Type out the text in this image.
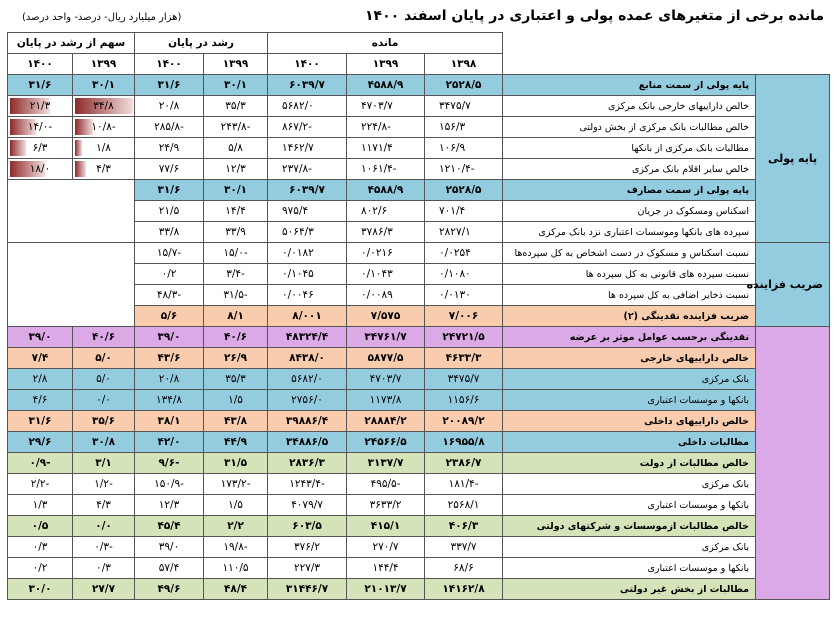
مانده برخی از متغیرهای عمده پولی و اعتباری در پایان اسفند ۱۴۰۰
(هزار میلیارد ریال- درصد- واحد درصد)
		مانده			رشد در پایان		سهم از رشد در پایان	
		۱۳۹۸	۱۳۹۹	۱۴۰۰	۱۳۹۹	۱۴۰۰	۱۳۹۹	۱۴۰۰
پایه پولی	پایه پولی از سمت منابع	۲۵۲۸/۵	۴۵۸۸/۹	۶۰۳۹/۷	۳۰/۱	۳۱/۶	۳۰/۱	۳۱/۶
	خالص داراییهای خارجی بانک مرکزی	۳۴۷۵/۷	۴۷۰۳/۷	۵۶۸۲/۰	۳۵/۳	۲۰/۸	۳۴/۸	۲۱/۳
	خالص مطالبات بانک مرکزی از بخش دولتی	۱۵۶/۳	-۲۲۴/۸	-۸۶۷/۲	-۲۴۳/۸	-۲۸۵/۸	-۱۰/۸	-۱۴/۰
	مطالبات بانک مرکزی از بانکها	۱۰۶/۹	۱۱۷۱/۴	۱۴۶۲/۷	۵/۸	۲۴/۹	۱/۸	۶/۳
	خالص سایر اقلام بانک مرکزی	-۱۲۱۰/۴	-۱۰۶۱/۴	-۲۳۷/۸	۱۲/۳	۷۷/۶	۴/۳	۱۸/۰
	پایه پولی از سمت مصارف	۲۵۲۸/۵	۴۵۸۸/۹	۶۰۳۹/۷	۳۰/۱	۳۱/۶		
	اسکناس ومسکوک در جریان	۷۰۱/۴	۸۰۲/۶	۹۷۵/۴	۱۴/۴	۲۱/۵		
	سپرده های بانکها وموسسات اعتباری نزد بانک مرکزی	۲۸۲۷/۱	۳۷۸۶/۳	۵۰۶۴/۳	۳۳/۹	۳۳/۸		
ضریب فزاینده	نسبت اسکناس و مسکوک در دست اشخاص به کل سپرده‌ها	۰/۰۲۵۴	۰/۰۲۱۶	۰/۰۱۸۲	-۱۵/۰	-۱۵/۷		
	نسبت سپرده های قانونی به کل سپرده ها	۰/۱۰۸۰	۰/۱۰۴۳	۰/۱۰۴۵	-۳/۴	۰/۲		
	نسبت ذخایر اضافی به کل سپرده ها	۰/۰۱۳۰	۰/۰۰۸۹	۰/۰۰۴۶	-۳۱/۵	-۴۸/۳		
	ضریب فزاینده نقدینگی (۲)	۷/۰۰۶	۷/۵۷۵	۸/۰۰۱	۸/۱	۵/۶		
	نقدینگی برحسب عوامل موثر بر عرضه	۲۴۷۲۱/۵	۳۴۷۶۱/۷	۴۸۳۲۴/۴	۴۰/۶	۳۹/۰	۴۰/۶	۳۹/۰
	خالص داراییهای خارجی	۴۶۳۳/۳	۵۸۷۷/۵	۸۴۳۸/۰	۲۶/۹	۴۳/۶	۵/۰	۷/۴
	بانک مرکزی	۳۴۷۵/۷	۴۷۰۳/۷	۵۶۸۲/۰	۳۵/۳	۲۰/۸	۵/۰	۲/۸
	بانکها و موسسات اعتباری	۱۱۵۶/۶	۱۱۷۳/۸	۲۷۵۶/۰	۱/۵	۱۳۴/۸	۰/۰	۴/۶
	خالص داراییهای داخلی	۲۰۰۸۹/۲	۲۸۸۸۴/۲	۳۹۸۸۶/۴	۴۳/۸	۳۸/۱	۳۵/۶	۳۱/۶
	مطالبات داخلی	۱۶۹۵۵/۸	۲۴۵۶۶/۵	۳۴۸۸۶/۵	۴۴/۹	۴۲/۰	۳۰/۸	۲۹/۶
	خالص مطالبات از دولت	۲۳۸۶/۷	۳۱۳۷/۷	۲۸۳۶/۳	۳۱/۵	-۹/۶	۳/۱	-۰/۹
	بانک مرکزی	-۱۸۱/۴	-۴۹۵/۵	-۱۲۴۳/۴	-۱۷۳/۲	-۱۵۰/۹	-۱/۲	-۲/۲
	بانکها و موسسات اعتباری	۲۵۶۸/۱	۳۶۳۳/۲	۴۰۷۹/۷	۱/۵	۱۲/۳	۴/۳	۱/۳
	خالص مطالبات ازموسسات و شرکتهای دولتی	۴۰۶/۳	۴۱۵/۱	۶۰۳/۵	۲/۲	۴۵/۴	۰/۰	۰/۵
	بانک مرکزی	۳۳۷/۷	۲۷۰/۷	۳۷۶/۲	-۱۹/۸	۳۹/۰	-۰/۳	۰/۳
	بانکها و موسسات اعتباری	۶۸/۶	۱۴۴/۴	۲۲۷/۳	۱۱۰/۵	۵۷/۴	۰/۳	۰/۲
	مطالبات از بخش غیر دولتی	۱۴۱۶۲/۸	۲۱۰۱۳/۷	۳۱۴۴۶/۷	۴۸/۴	۴۹/۶	۲۷/۷	۳۰/۰
